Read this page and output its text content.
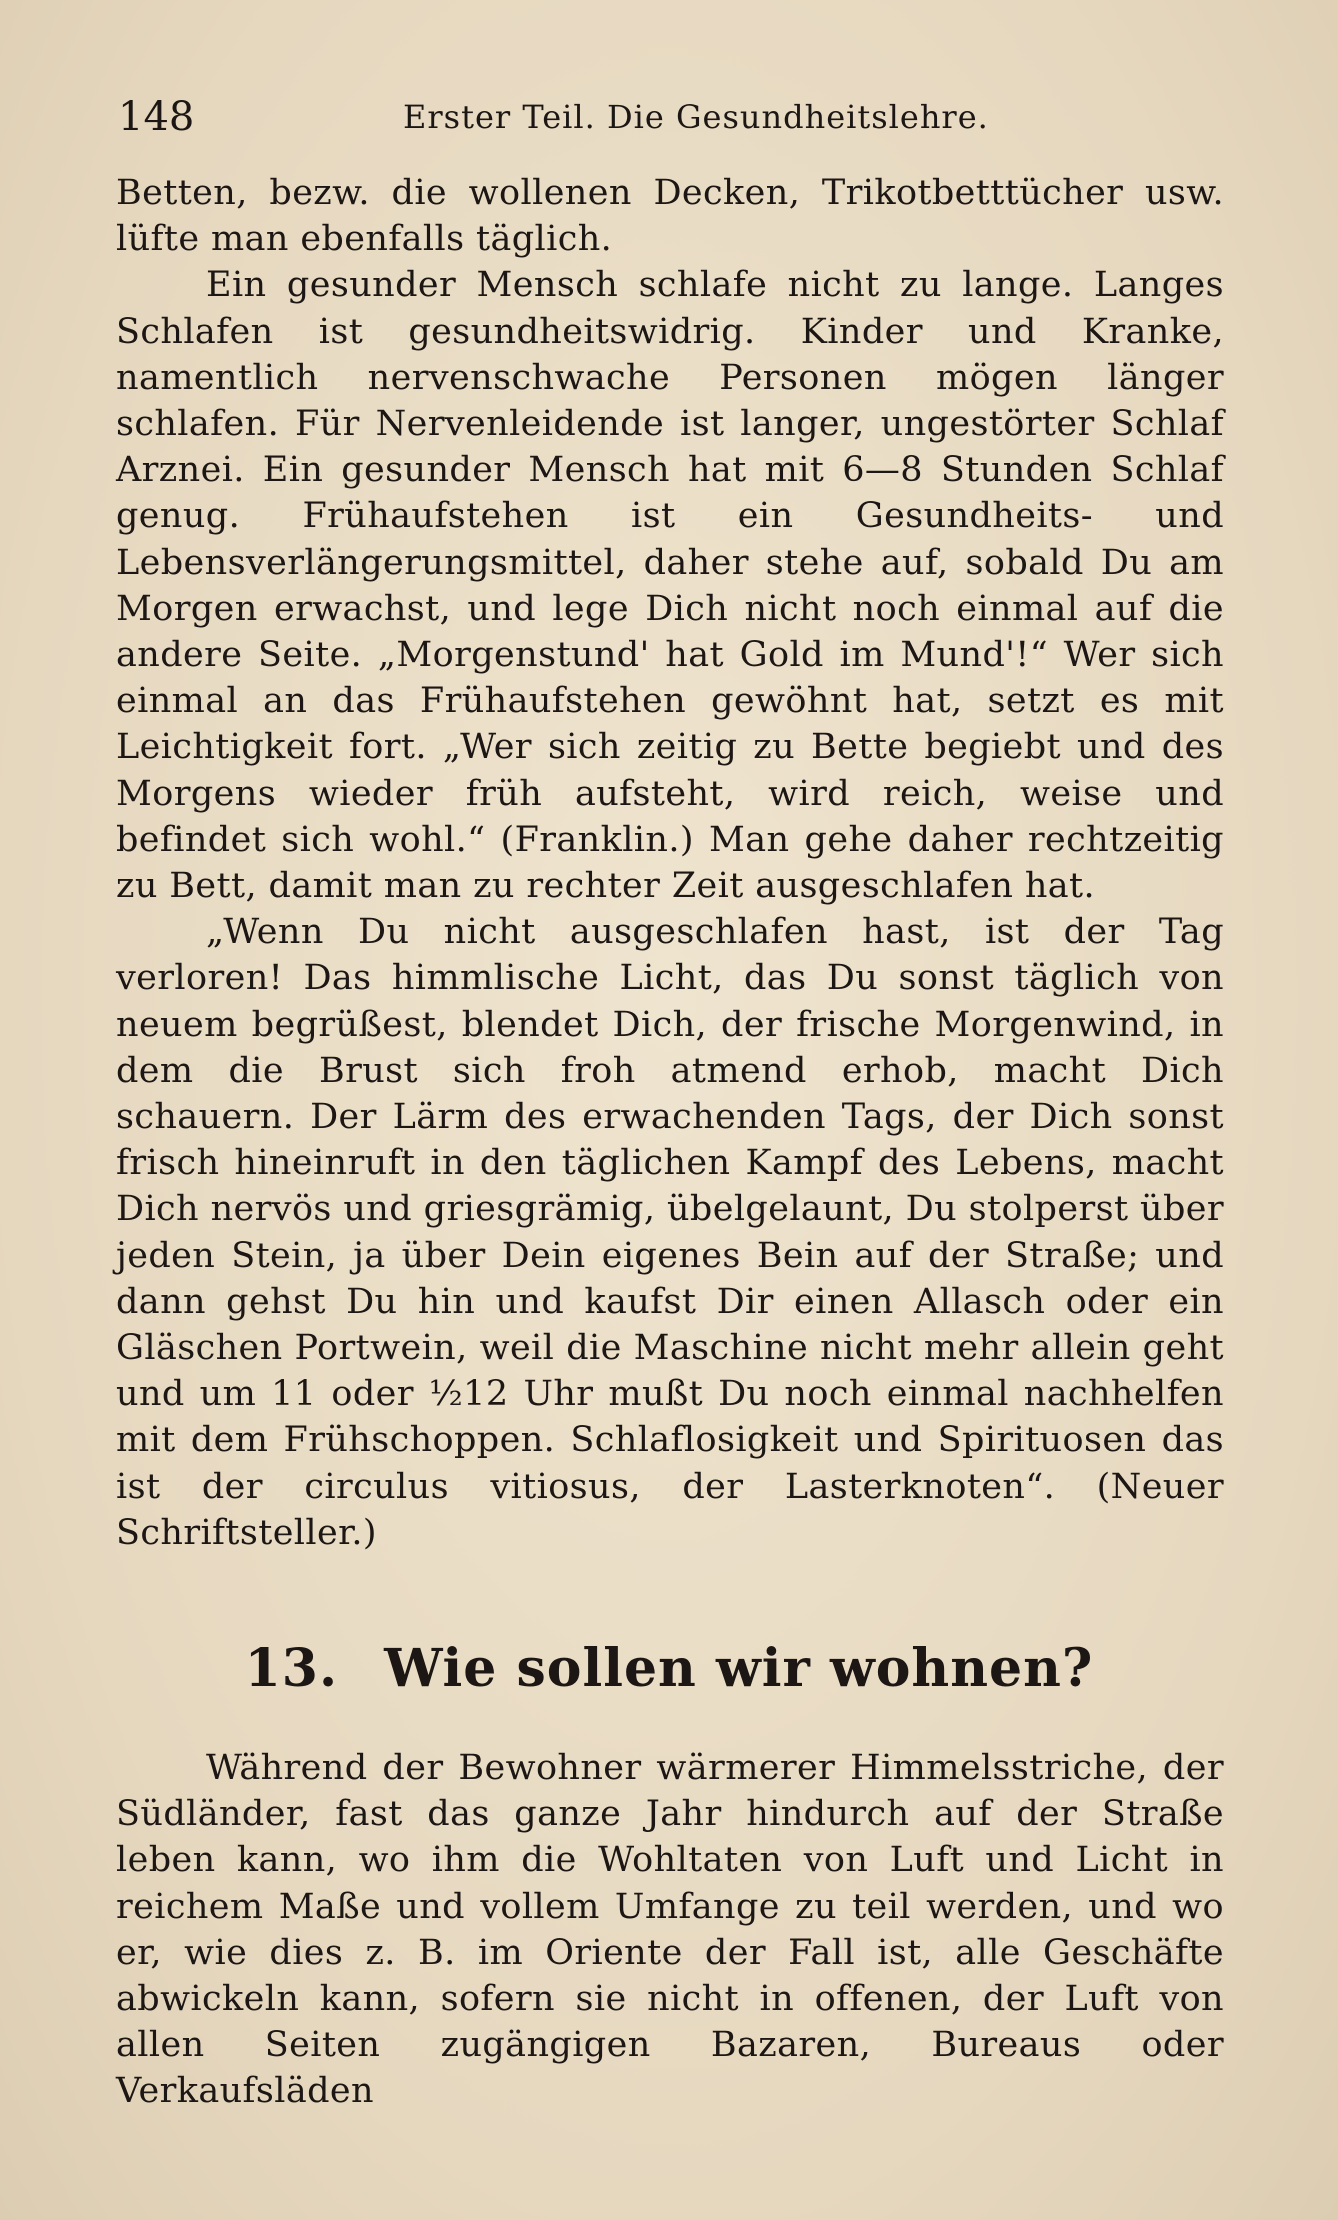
148	Erster Teil. Die Gesundheitslehre.

Betten, bezw. die wollenen Decken, Trikotbetttücher usw. lüfte man ebenfalls täglich.

Ein gesunder Mensch schlafe nicht zu lange. Langes Schlafen ist gesundheitswidrig. Kinder und Kranke, namentlich nervenschwache Personen mögen länger schlafen. Für Nervenleidende ist langer, ungestörter Schlaf Arznei. Ein gesunder Mensch hat mit 6—8 Stunden Schlaf genug. Frühaufstehen ist ein Gesundheits- und Lebensverlängerungsmittel, daher stehe auf, sobald Du am Morgen erwachst, und lege Dich nicht noch einmal auf die andere Seite. „Morgenstund' hat Gold im Mund'!“ Wer sich einmal an das Frühaufstehen gewöhnt hat, setzt es mit Leichtigkeit fort. „Wer sich zeitig zu Bette begiebt und des Morgens wieder früh aufsteht, wird reich, weise und befindet sich wohl.“ (Franklin.) Man gehe daher rechtzeitig zu Bett, damit man zu rechter Zeit ausgeschlafen hat.

„Wenn Du nicht ausgeschlafen hast, ist der Tag verloren! Das himmlische Licht, das Du sonst täglich von neuem begrüßest, blendet Dich, der frische Morgenwind, in dem die Brust sich froh atmend erhob, macht Dich schauern. Der Lärm des erwachenden Tags, der Dich sonst frisch hineinruft in den täglichen Kampf des Lebens, macht Dich nervös und griesgrämig, übelgelaunt, Du stolperst über jeden Stein, ja über Dein eigenes Bein auf der Straße; und dann gehst Du hin und kaufst Dir einen Allasch oder ein Gläschen Portwein, weil die Maschine nicht mehr allein geht und um 11 oder ½12 Uhr mußt Du noch einmal nachhelfen mit dem Frühschoppen. Schlaflosigkeit und Spirituosen das ist der circulus vitiosus, der Lasterknoten“. (Neuer Schriftsteller.)

13. Wie sollen wir wohnen?

Während der Bewohner wärmerer Himmelsstriche, der Südländer, fast das ganze Jahr hindurch auf der Straße leben kann, wo ihm die Wohltaten von Luft und Licht in reichem Maße und vollem Umfange zu teil werden, und wo er, wie dies z. B. im Oriente der Fall ist, alle Geschäfte abwickeln kann, sofern sie nicht in offenen, der Luft von allen Seiten zugängigen Bazaren, Bureaus oder Verkaufsläden
